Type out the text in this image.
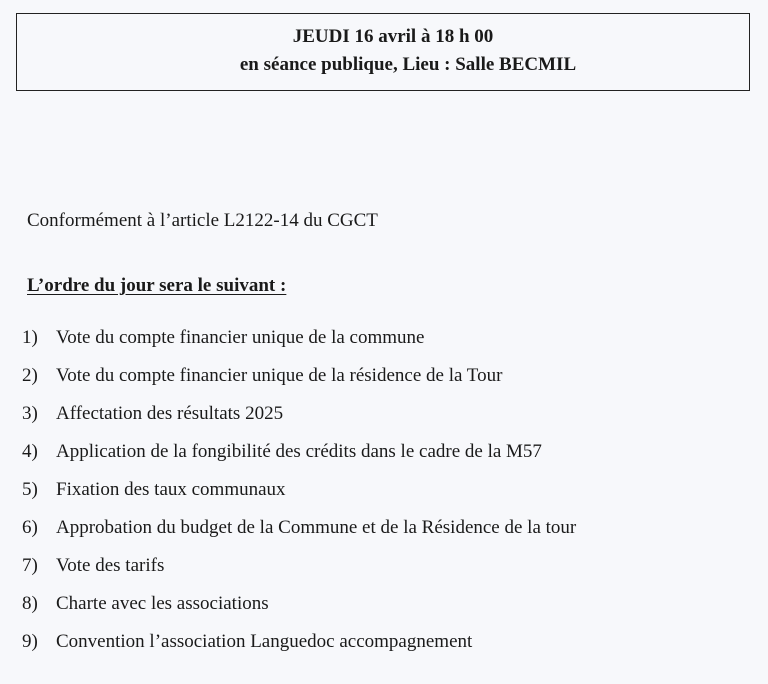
JEUDI 16 avril à 18 h 00
en séance publique, Lieu : Salle BECMIL
Conformément à l’article L2122-14 du CGCT
L’ordre du jour sera le suivant :
1) Vote du compte financier unique de la commune
2) Vote du compte financier unique de la résidence de la Tour
3) Affectation des résultats 2025
4) Application de la fongibilité des crédits dans le cadre de la M57
5) Fixation des taux communaux
6) Approbation du budget de la Commune et de la Résidence de la tour
7) Vote des tarifs
8) Charte avec les associations
9) Convention l’association Languedoc accompagnement
